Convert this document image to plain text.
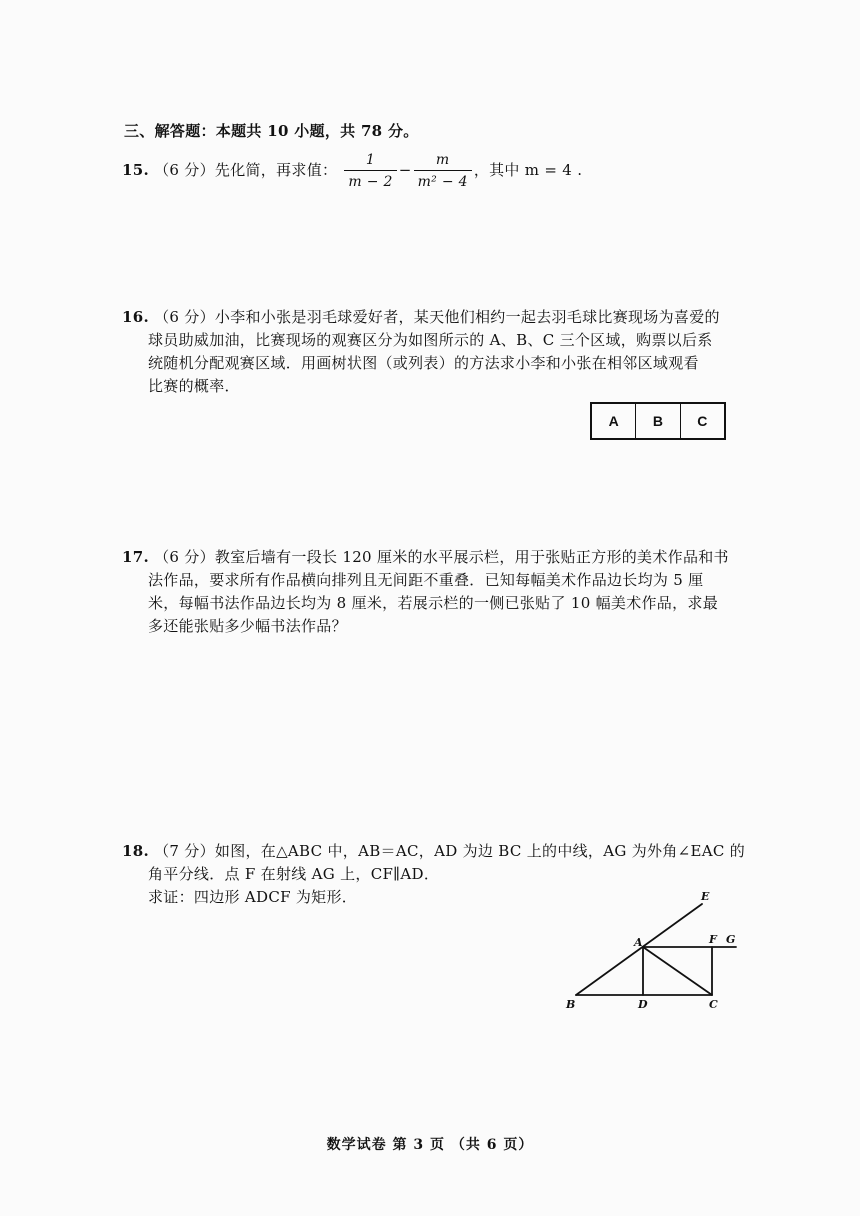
三、解答题：本题共 10 小题，共 78 分。
15. （6 分）先化简，再求值： $\frac{1}{m - 2} - \frac{m}{\text{m² − 4}}$ ，其中 m = 4 .
16. （6 分）小李和小张是羽毛球爱好者，某天他们相约一起去羽毛球比赛现场为喜爱的
球员助威加油，比赛现场的观赛区分为如图所示的 A、B、C 三个区域，购票以后系
统随机分配观赛区域．用画树状图（或列表）的方法求小李和小张在相邻区域观看
比赛的概率．
A	B	C
17. （6 分）教室后墙有一段长 120 厘米的水平展示栏，用于张贴正方形的美术作品和书
法作品，要求所有作品横向排列且无间距不重叠．已知每幅美术作品边长均为 5 厘
米，每幅书法作品边长均为 8 厘米，若展示栏的一侧已张贴了 10 幅美术作品，求最
多还能张贴多少幅书法作品？
18. （7 分）如图，在△ABC 中，AB＝AC，AD 为边 BC 上的中线，AG 为外角∠EAC 的
角平分线．点 F 在射线 AG 上，CF∥AD．
求证：四边形 ADCF 为矩形．	E
A	F G
B	D	C
数学试卷 第 3 页 （共 6 页）
